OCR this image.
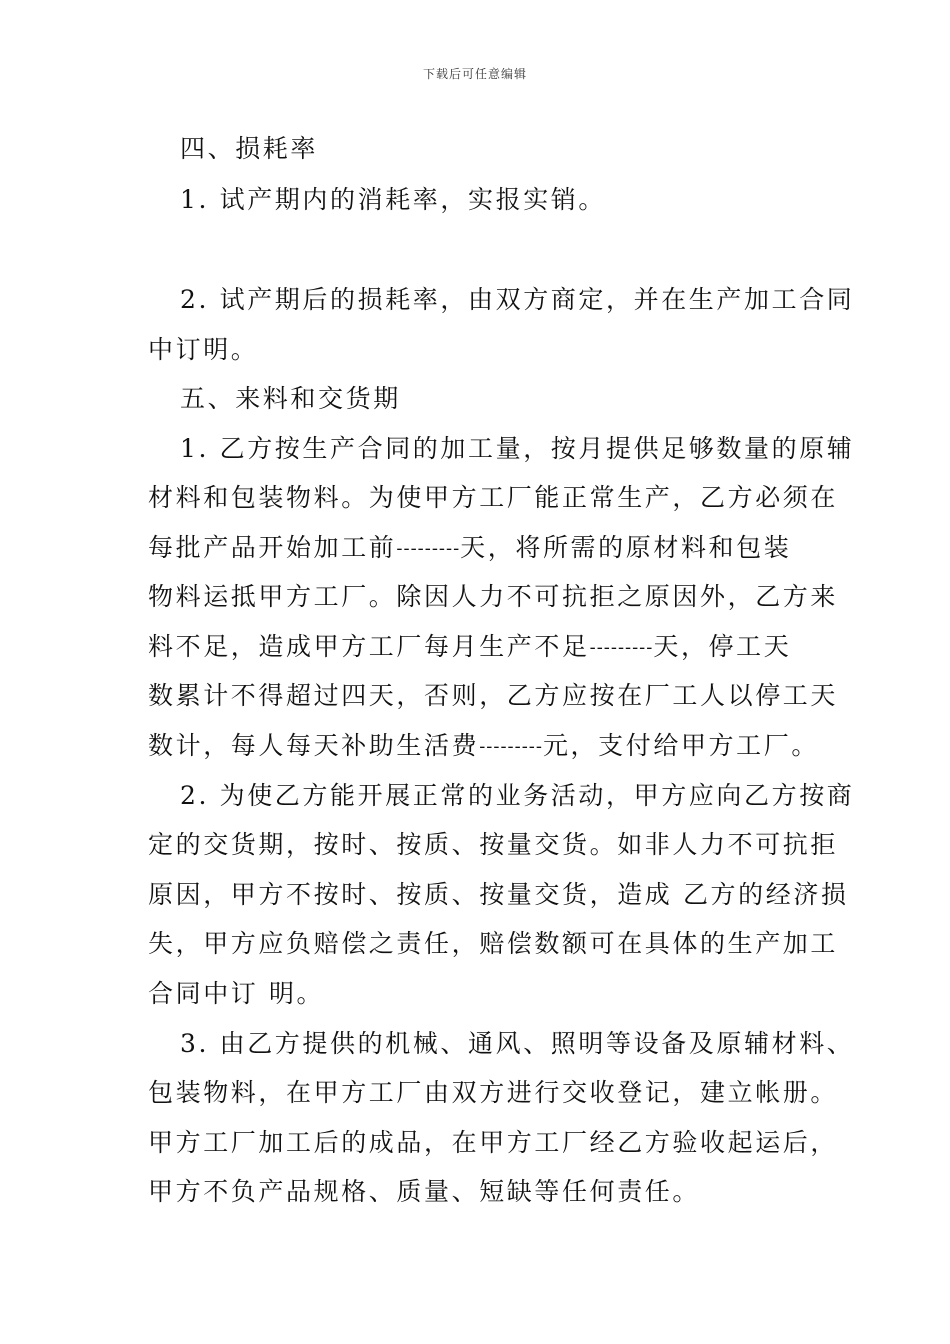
下载后可任意编辑
四、损耗率
1. 试产期内的消耗率，实报实销。
2. 试产期后的损耗率，由双方商定，并在生产加工合同
中订明。
五、来料和交货期
1. 乙方按生产合同的加工量，按月提供足够数量的原辅
材料和包装物料。为使甲方工厂能正常生产，乙方必须在
每批产品开始加工前---------天，将所需的原材料和包装
物料运抵甲方工厂。除因人力不可抗拒之原因外，乙方来
料不足，造成甲方工厂每月生产不足---------天，停工天
数累计不得超过四天，否则，乙方应按在厂工人以停工天
数计，每人每天补助生活费---------元，支付给甲方工厂。
2. 为使乙方能开展正常的业务活动，甲方应向乙方按商
定的交货期，按时、按质、按量交货。如非人力不可抗拒
原因，甲方不按时、按质、按量交货，造成 乙方的经济损
失，甲方应负赔偿之责任，赔偿数额可在具体的生产加工
合同中订 明。
3. 由乙方提供的机械、通风、照明等设备及原辅材料、
包装物料，在甲方工厂由双方进行交收登记，建立帐册。
甲方工厂加工后的成品，在甲方工厂经乙方验收起运后，
甲方不负产品规格、质量、短缺等任何责任。
